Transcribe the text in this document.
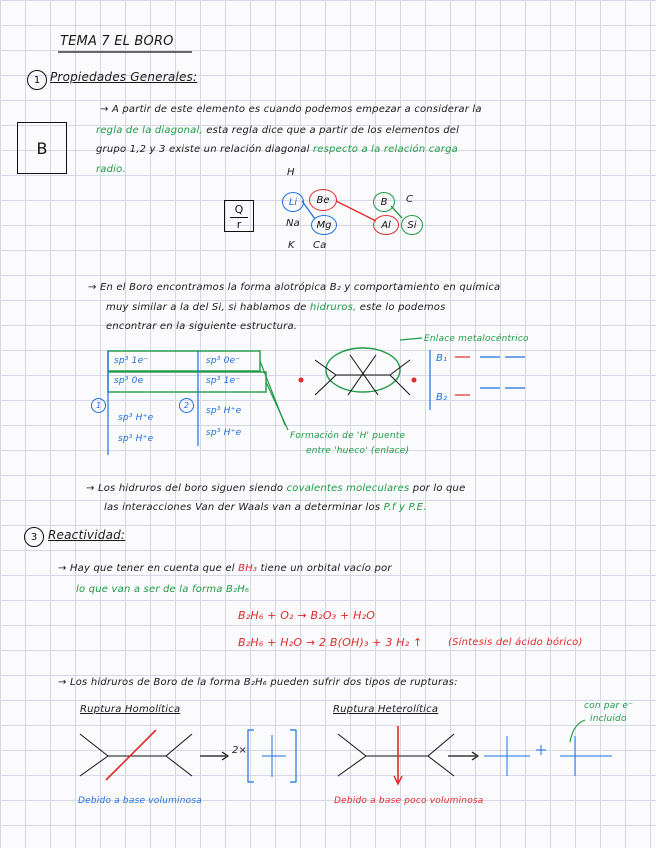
TEMA 7 EL BORO
1 Propiedades Generales:
B
→ A partir de este elemento es cuando podemos empezar a considerar la
regla de la diagonal, esta regla dice que a partir de los elementos del
grupo 1,2 y 3 existe un relación diagonal respecto a la relación carga
radio.
$\frac{Q}{r}$
H
Li	Be
Na	Mg
K Ca
B	C
Al	Si
→ En el Boro encontramos la forma alotrópica B₂ y comportamiento en química
muy similar a la del Si, si hablamos de hidruros, este lo podemos
encontrar en la siguiente estructura.
sp³ 1e⁻
sp³ 0e
sp³ H⁺e
sp³ H⁺e
sp³ 0e⁻
sp³ 1e⁻
sp³ H⁺e
sp³ H⁺e
1	2
Enlace metalocéntrico
Formación de 'H' puente
entre 'hueco' (enlace)
B₁
B₂
→ Los hidruros del boro siguen siendo covalentes moleculares por lo que
las interacciones Van der Waals van a determinar los P.f y P.E.
3 Reactividad:
→ Hay que tener en cuenta que el BH₃ tiene un orbital vacío por
lo que van a ser de la forma B₂H₆
B₂H₆ + O₂ → B₂O₃ + H₂O
B₂H₆ + H₂O → 2 B(OH)₃ + 3 H₂ ↑	(Síntesis del ácido bórico)
→ Los hidruros de Boro de la forma B₂H₆ pueden sufrir dos tipos de rupturas:
Ruptura Homolítica	Ruptura Heterolítica	con par e⁻
incluido
2×
Debido a base voluminosa	Debido a base poco voluminosa
